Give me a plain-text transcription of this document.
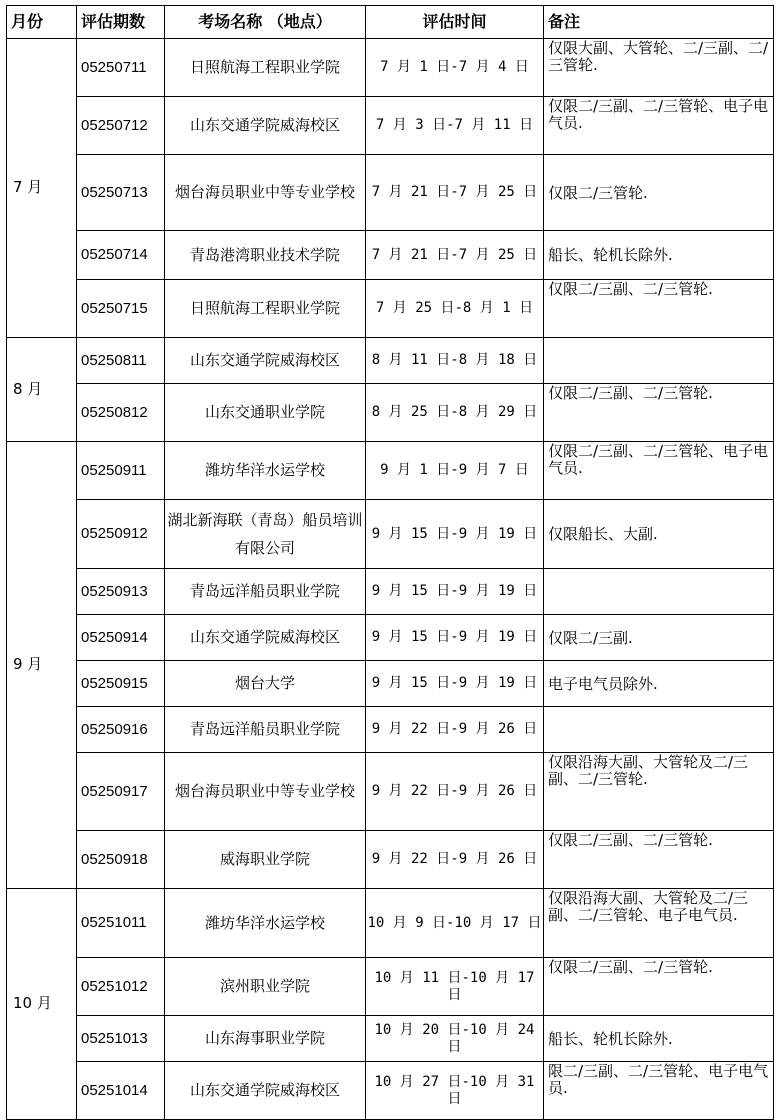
月份	评估期数	考场名称 （地点）	评估时间	备注
7 月	05250711	日照航海工程职业学院	7 月 1 日-7 月 4 日	仅限大副、大管轮、二/三副、二/三管轮.
	05250712	山东交通学院威海校区	7 月 3 日-7 月 11 日	仅限二/三副、二/三管轮、电子电气员.
	05250713	烟台海员职业中等专业学校	7 月 21 日-7 月 25 日	仅限二/三管轮.
	05250714	青岛港湾职业技术学院	7 月 21 日-7 月 25 日	船长、轮机长除外.
	05250715	日照航海工程职业学院	7 月 25 日-8 月 1 日	仅限二/三副、二/三管轮.
8 月	05250811	山东交通学院威海校区	8 月 11 日-8 月 18 日	
	05250812	山东交通职业学院	8 月 25 日-8 月 29 日	仅限二/三副、二/三管轮.
9 月	05250911	潍坊华洋水运学校	9 月 1 日-9 月 7 日	仅限二/三副、二/三管轮、电子电气员.
	05250912	湖北新海联（青岛）船员培训有限公司	9 月 15 日-9 月 19 日	仅限船长、大副.
	05250913	青岛远洋船员职业学院	9 月 15 日-9 月 19 日	
	05250914	山东交通学院威海校区	9 月 15 日-9 月 19 日	仅限二/三副.
	05250915	烟台大学	9 月 15 日-9 月 19 日	电子电气员除外.
	05250916	青岛远洋船员职业学院	9 月 22 日-9 月 26 日	
	05250917	烟台海员职业中等专业学校	9 月 22 日-9 月 26 日	仅限沿海大副、大管轮及二/三副、二/三管轮.
	05250918	威海职业学院	9 月 22 日-9 月 26 日	仅限二/三副、二/三管轮.
10 月	05251011	潍坊华洋水运学校	10 月 9 日-10 月 17 日	仅限沿海大副、大管轮及二/三副、二/三管轮、电子电气员.
	05251012	滨州职业学院	10 月 11 日-10 月 17 日	仅限二/三副、二/三管轮.
	05251013	山东海事职业学院	10 月 20 日-10 月 24 日	船长、轮机长除外.
	05251014	山东交通学院威海校区	10 月 27 日-10 月 31 日	限二/三副、二/三管轮、电子电气员.
